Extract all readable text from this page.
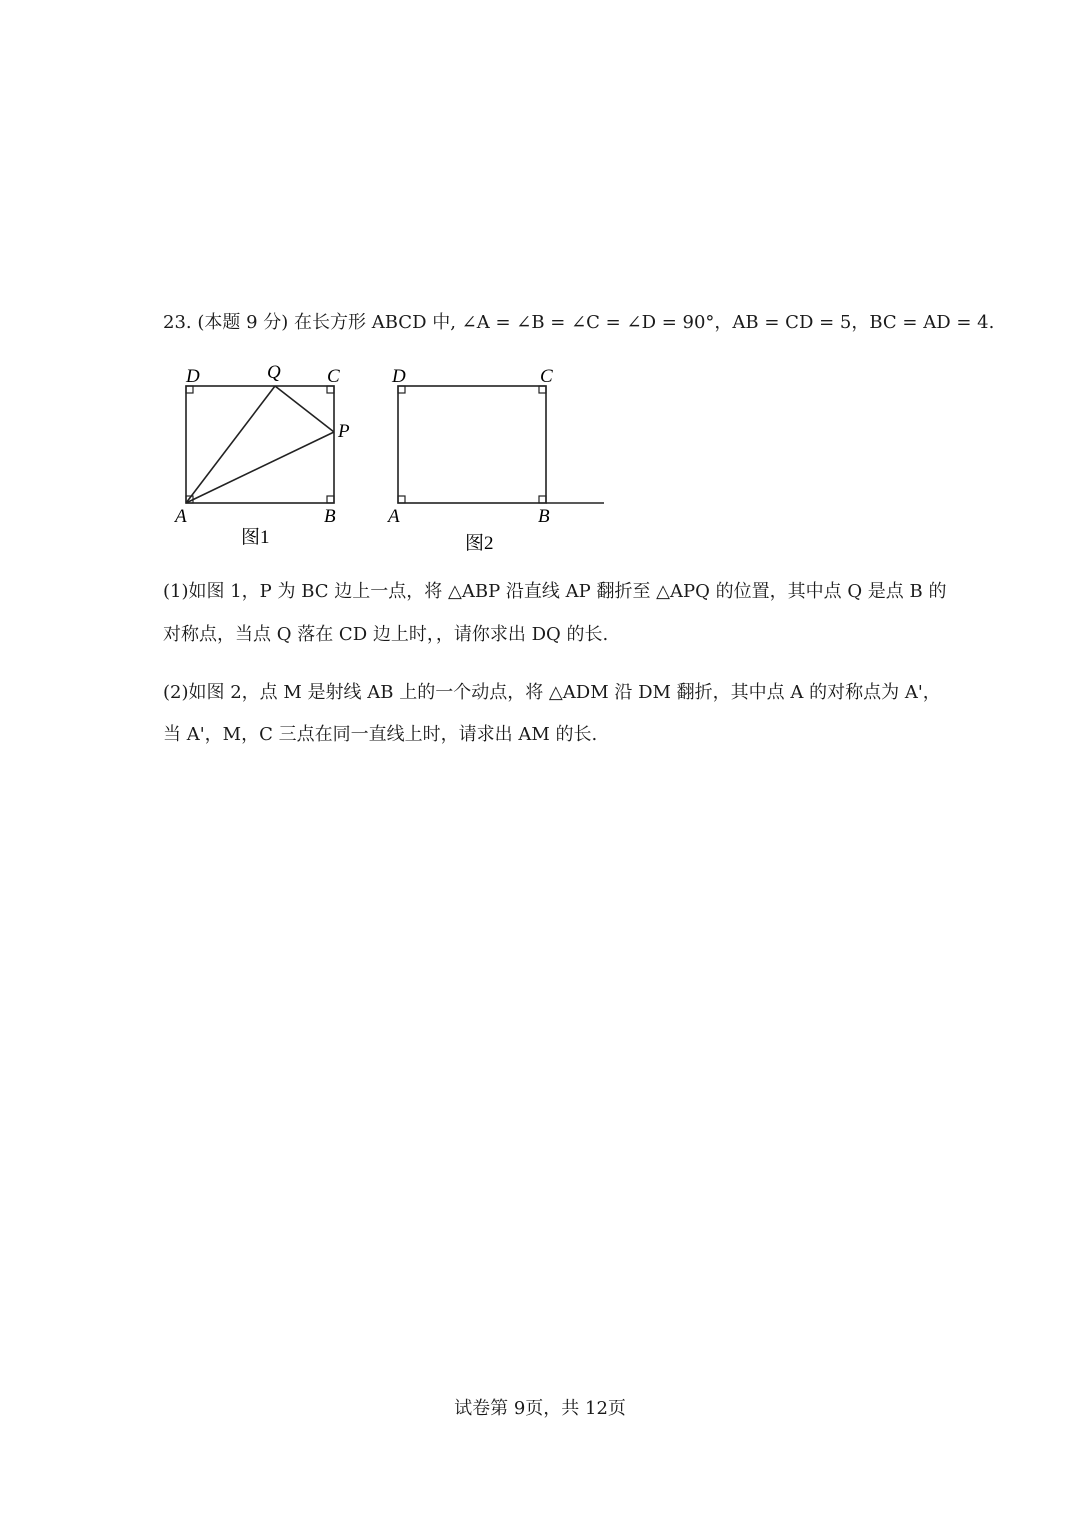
23. (本题 9 分) 在长方形 ABCD 中, ∠A = ∠B = ∠C = ∠D = 90°，AB = CD = 5，BC = AD = 4.
D	Q C
P
A	B
图1
D	C
A	B
图2
(1)如图 1，P 为 BC 边上一点，将 △ABP 沿直线 AP 翻折至 △APQ 的位置，其中点 Q 是点 B 的
对称点，当点 Q 落在 CD 边上时，，请你求出 DQ 的长.
(2)如图 2，点 M 是射线 AB 上的一个动点，将 △ADM 沿 DM 翻折，其中点 A 的对称点为 A'，
当 A'，M，C 三点在同一直线上时，请求出 AM 的长.
试卷第 9页，共 12页
